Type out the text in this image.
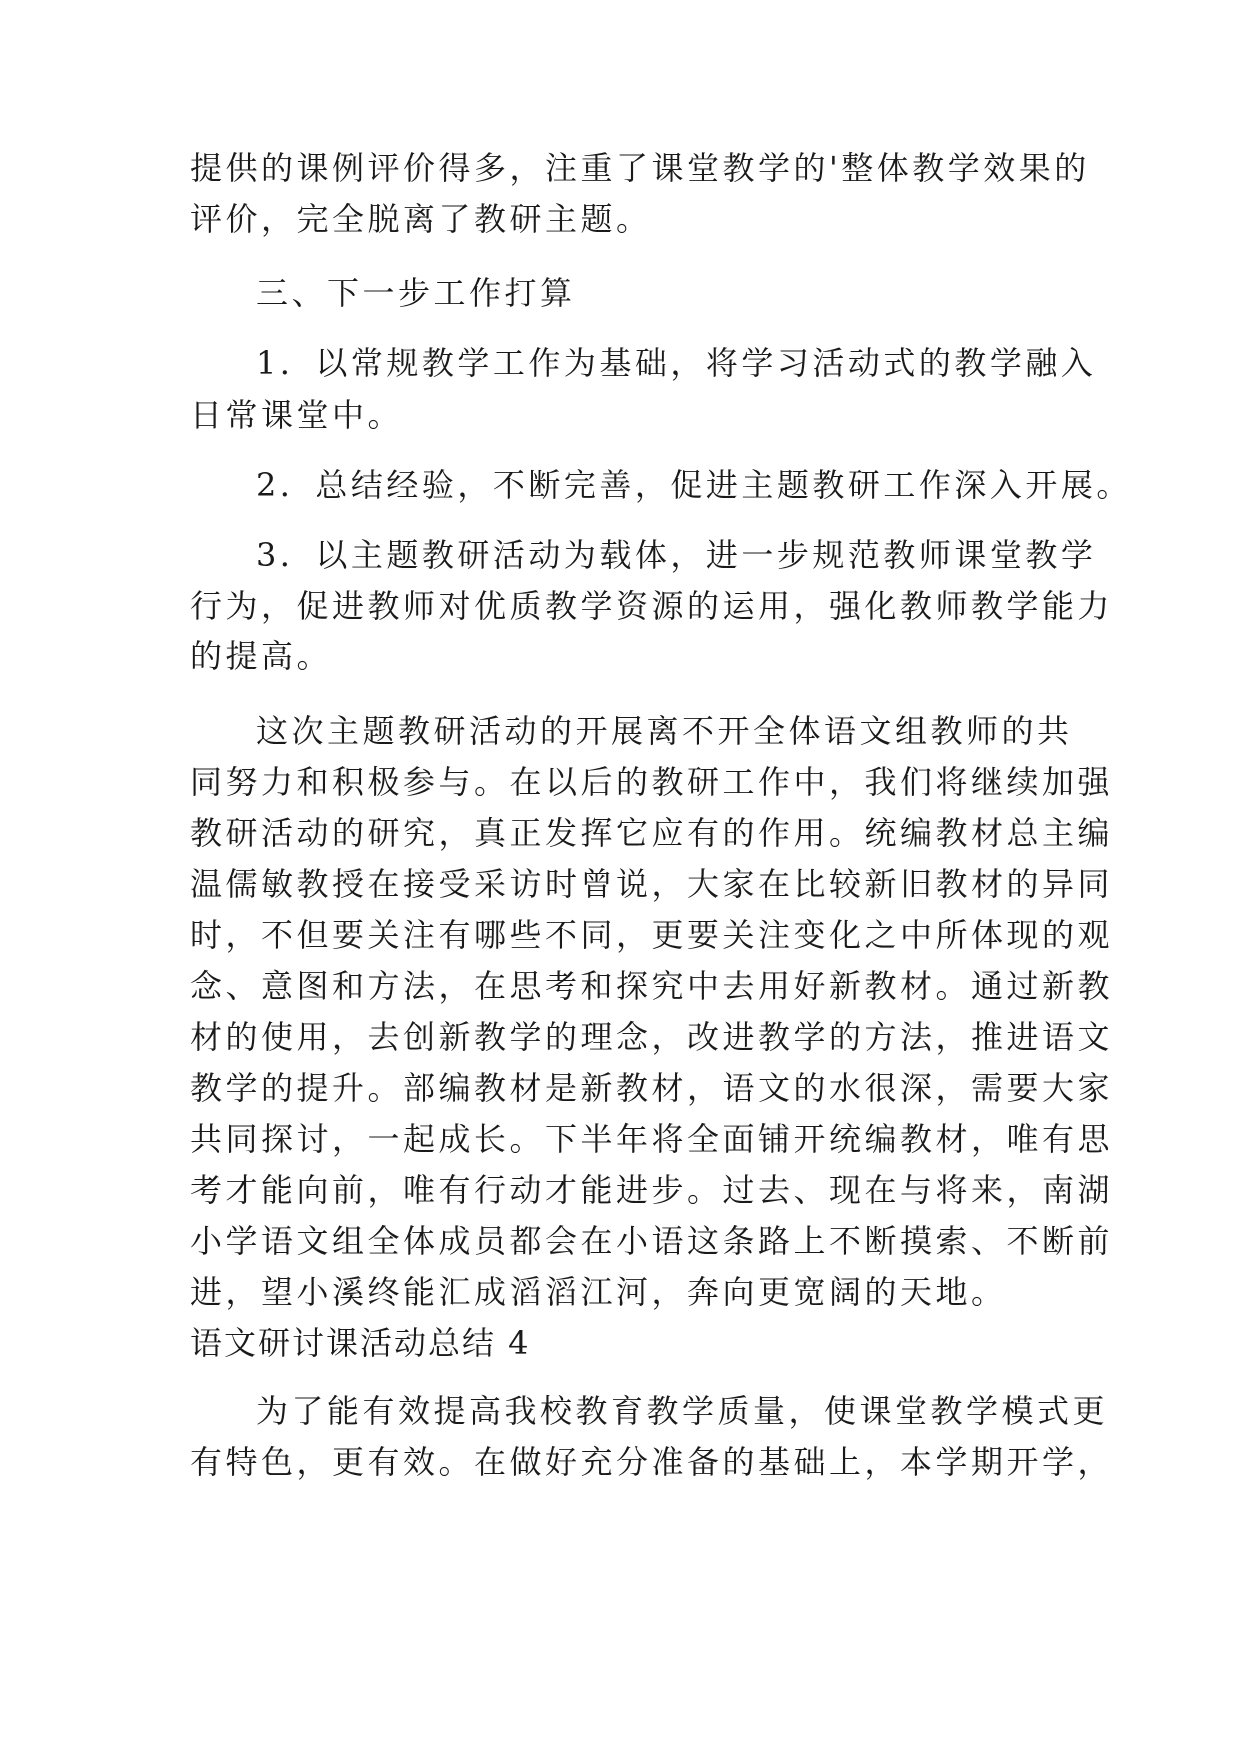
提供的课例评价得多，注重了课堂教学的'整体教学效果的
评价，完全脱离了教研主题。
三、下一步工作打算
1．以常规教学工作为基础，将学习活动式的教学融入
日常课堂中。
2．总结经验，不断完善，促进主题教研工作深入开展。
3．以主题教研活动为载体，进一步规范教师课堂教学
行为，促进教师对优质教学资源的运用，强化教师教学能力
的提高。
这次主题教研活动的开展离不开全体语文组教师的共
同努力和积极参与。在以后的教研工作中，我们将继续加强
教研活动的研究，真正发挥它应有的作用。统编教材总主编
温儒敏教授在接受采访时曾说，大家在比较新旧教材的异同
时，不但要关注有哪些不同，更要关注变化之中所体现的观
念、意图和方法，在思考和探究中去用好新教材。通过新教
材的使用，去创新教学的理念，改进教学的方法，推进语文
教学的提升。部编教材是新教材，语文的水很深，需要大家
共同探讨，一起成长。下半年将全面铺开统编教材，唯有思
考才能向前，唯有行动才能进步。过去、现在与将来，南湖
小学语文组全体成员都会在小语这条路上不断摸索、不断前
进，望小溪终能汇成滔滔江河，奔向更宽阔的天地。
语文研讨课活动总结 4
为了能有效提高我校教育教学质量，使课堂教学模式更
有特色，更有效。在做好充分准备的基础上，本学期开学，
